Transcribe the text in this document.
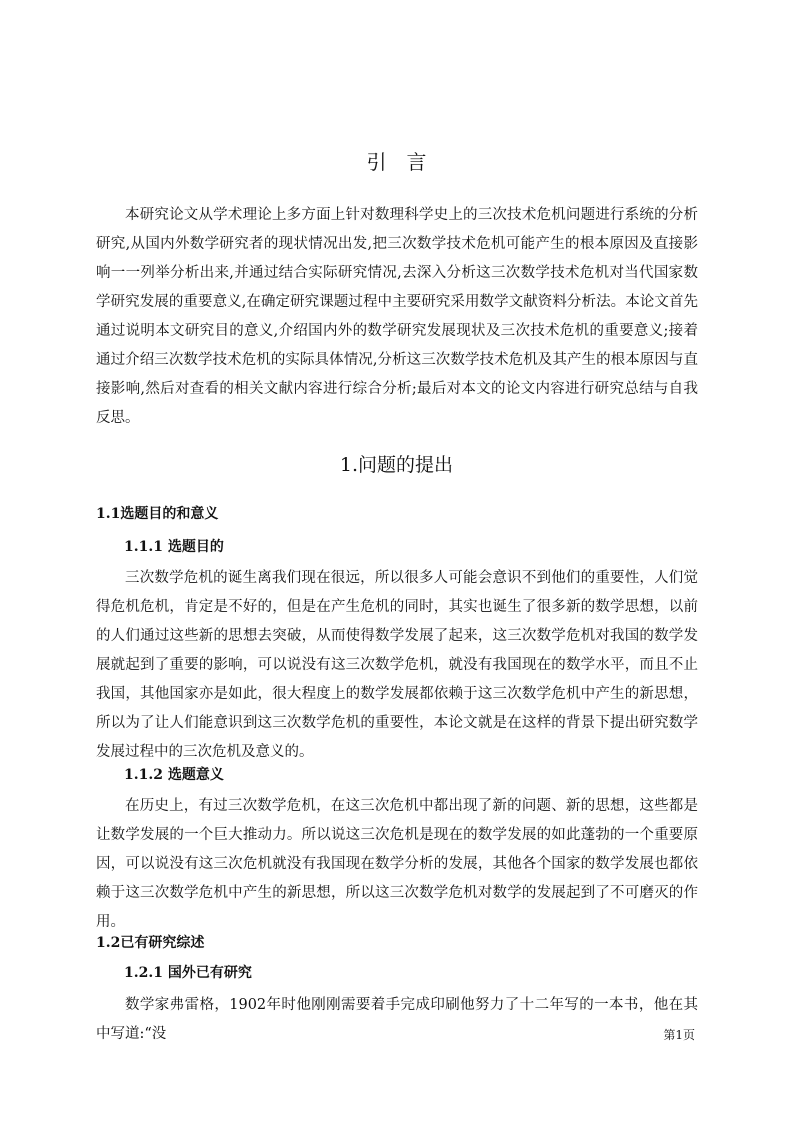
引言

本研究论文从学术理论上多方面上针对数理科学史上的三次技术危机问题进行系统的分析研究,从国内外数学研究者的现状情况出发,把三次数学技术危机可能产生的根本原因及直接影响一一列举分析出来,并通过结合实际研究情况,去深入分析这三次数学技术危机对当代国家数学研究发展的重要意义,在确定研究课题过程中主要研究采用数学文献资料分析法。本论文首先通过说明本文研究目的意义,介绍国内外的数学研究发展现状及三次技术危机的重要意义;接着通过介绍三次数学技术危机的实际具体情况,分析这三次数学技术危机及其产生的根本原因与直接影响,然后对查看的相关文献内容进行综合分析;最后对本文的论文内容进行研究总结与自我反思。

1.问题的提出
1.1选题目的和意义
1.1.1 选题目的

三次数学危机的诞生离我们现在很远，所以很多人可能会意识不到他们的重要性，人们觉得危机危机，肯定是不好的，但是在产生危机的同时，其实也诞生了很多新的数学思想，以前的人们通过这些新的思想去突破，从而使得数学发展了起来，这三次数学危机对我国的数学发展就起到了重要的影响，可以说没有这三次数学危机，就没有我国现在的数学水平，而且不止我国，其他国家亦是如此，很大程度上的数学发展都依赖于这三次数学危机中产生的新思想，所以为了让人们能意识到这三次数学危机的重要性，本论文就是在这样的背景下提出研究数学发展过程中的三次危机及意义的。

1.1.2 选题意义

在历史上，有过三次数学危机，在这三次危机中都出现了新的问题、新的思想，这些都是让数学发展的一个巨大推动力。所以说这三次危机是现在的数学发展的如此蓬勃的一个重要原因，可以说没有这三次危机就没有我国现在数学分析的发展，其他各个国家的数学发展也都依赖于这三次数学危机中产生的新思想，所以这三次数学危机对数学的发展起到了不可磨灭的作用。

1.2已有研究综述
1.2.1 国外已有研究

数学家弗雷格，1902年时他刚刚需要着手完成印刷他努力了十二年写的一本书，他在其中写道:“没	第1页
